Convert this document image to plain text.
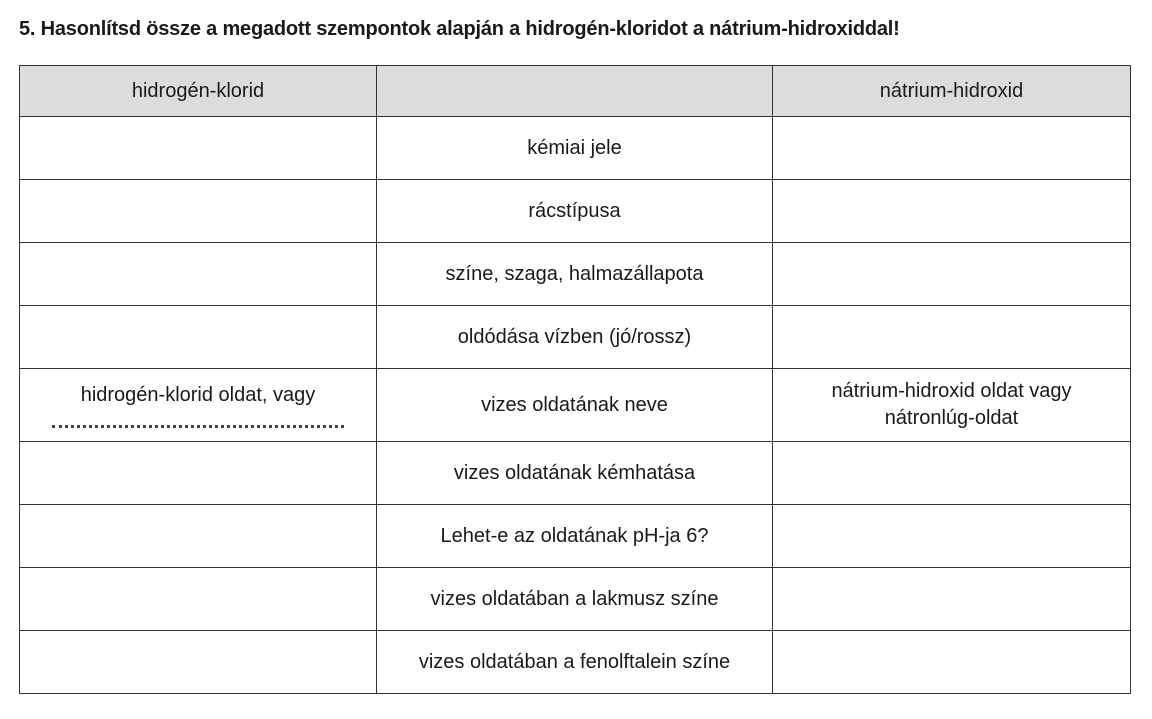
5. Hasonlítsd össze a megadott szempontok alapján a hidrogén-kloridot a nátrium-hidroxiddal!
hidrogén-klorid		nátrium-hidroxid
	kémiai jele	
	rácstípusa	
	színe, szaga, halmazállapota	
	oldódása vízben (jó/rossz)	
hidrogén-klorid oldat, vagy	vizes oldatának neve	nátrium-hidroxid oldat vagy
nátronlúg-oldat
	vizes oldatának kémhatása	
	Lehet-e az oldatának pH-ja 6?	
	vizes oldatában a lakmusz színe	
	vizes oldatában a fenolftalein színe	
